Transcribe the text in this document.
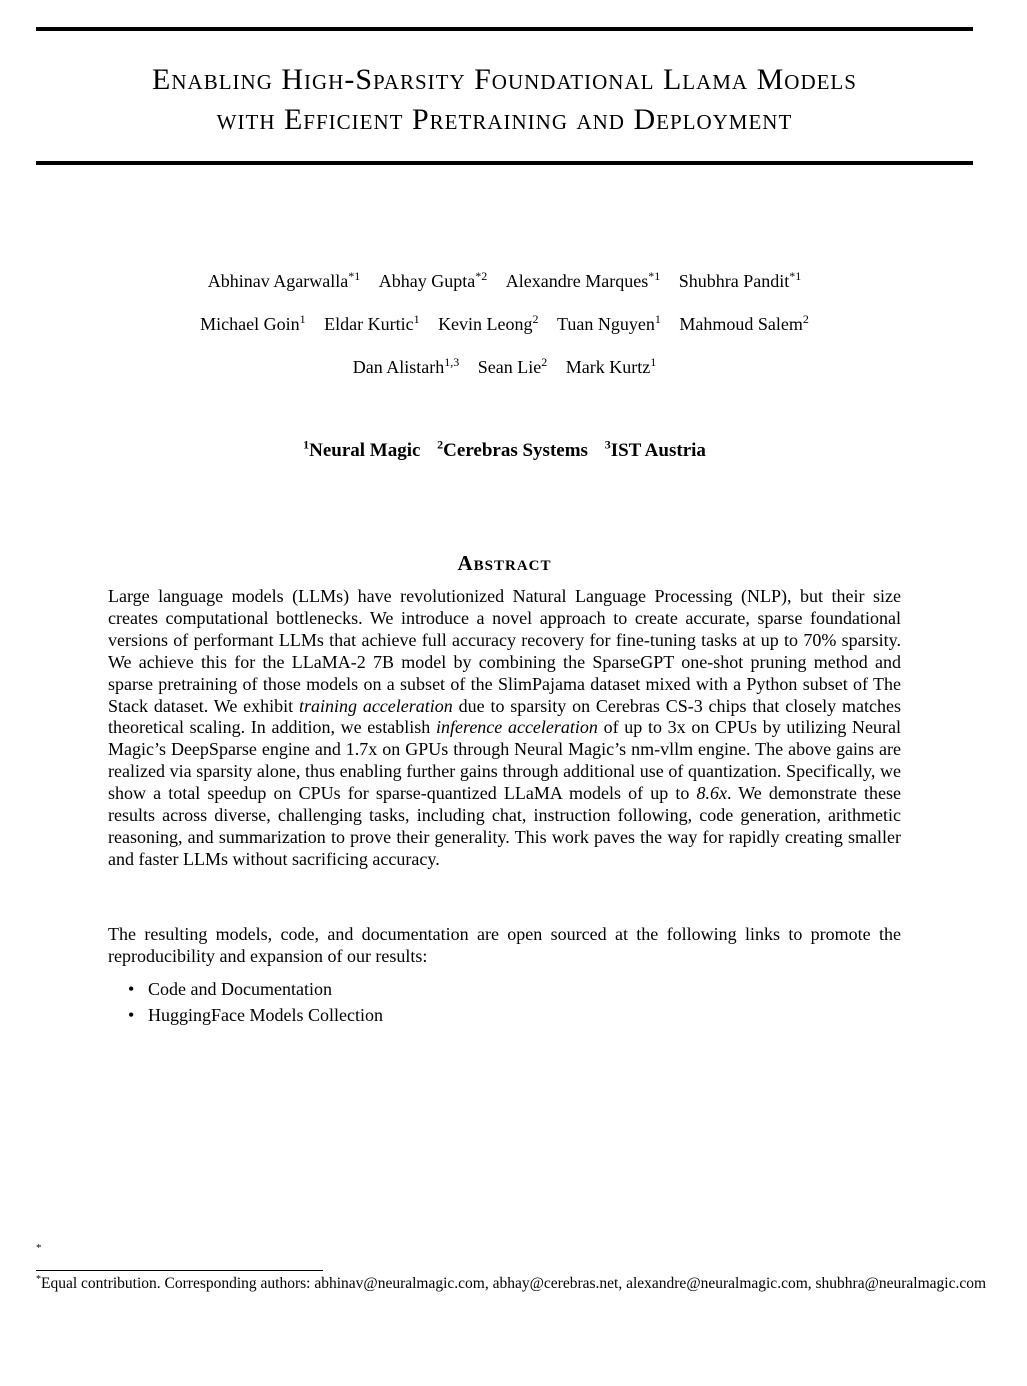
Enabling High-Sparsity Foundational Llama Models
with Efficient Pretraining and Deployment
Abhinav Agarwalla$^{*1}$ Abhay Gupta$^{*2}$ Alexandre Marques$^{*1}$ Shubhra Pandit$^{*1}$
Michael Goin$^1$ Eldar Kurtic$^1$ Kevin Leong$^2$ Tuan Nguyen$^1$ Mahmoud Salem$^2$
Dan Alistarh$^{1,3}$ Sean Lie$^2$ Mark Kurtz$^1$
$^1$Neural Magic $^2$Cerebras Systems $^3$IST Austria
Abstract

Large language models (LLMs) have revolutionized Natural Language Processing (NLP), but their size creates computational bottlenecks. We introduce a novel approach to create accurate, sparse foundational versions of performant LLMs that achieve full accuracy recovery for fine-tuning tasks at up to 70% sparsity. We achieve this for the LLaMA-2 7B model by combining the SparseGPT one-shot pruning method and sparse pretraining of those models on a subset of the SlimPajama dataset mixed with a Python subset of The Stack dataset. We exhibit training acceleration due to sparsity on Cerebras CS-3 chips that closely matches theoretical scaling. In addition, we establish inference acceleration of up to 3x on CPUs by utilizing Neural Magic’s DeepSparse engine and 1.7x on GPUs through Neural Magic’s nm-vllm engine. The above gains are realized via sparsity alone, thus enabling further gains through additional use of quantization. Specifically, we show a total speedup on CPUs for sparse-quantized LLaMA models of up to 8.6x. We demonstrate these results across diverse, challenging tasks, including chat, instruction following, code generation, arithmetic reasoning, and summarization to prove their generality. This work paves the way for rapidly creating smaller and faster LLMs without sacrificing accuracy.

The resulting models, code, and documentation are open sourced at the following links to promote the reproducibility and expansion of our results:

• Code and Documentation
• HuggingFace Models Collection
*

*Equal contribution. Corresponding authors: abhinav@neuralmagic.com, abhay@cerebras.net, alexandre@neuralmagic.com, shubhra@neuralmagic.com
